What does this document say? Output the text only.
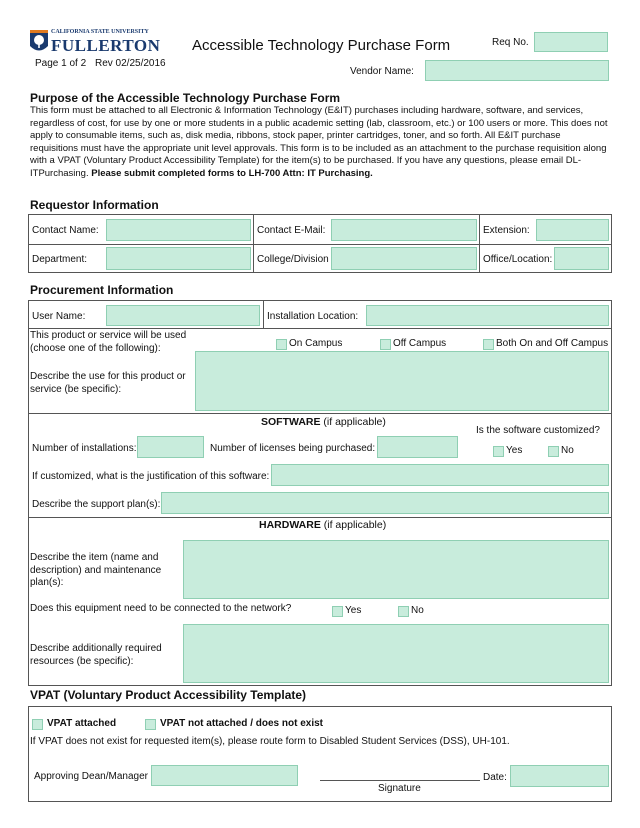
CALIFORNIA STATE UNIVERSITY
FULLERTON Accessible Technology Purchase Form	Req No.
Page 1 of 2 Rev 02/25/2016
Vendor Name:
Purpose of the Accessible Technology Purchase Form
This form must be attached to all Electronic & Information Technology (E&IT) purchases including hardware, software, and services, regardless of cost, for use by one or more students in a public academic setting (lab, classroom, etc.) or 100 users or more. This does not apply to consumable items, such as, disk media, ribbons, stock paper, printer cartridges, toner, and so forth. All E&IT purchase requisitions must have the appropriate unit level approvals. This form is to be included as an attachment to the purchase requisition along with a VPAT (Voluntary Product Accessibility Template) for the item(s) to be purchased. If you have any questions, please email DL-ITPurchasing. Please submit completed forms to LH-700 Attn: IT Purchasing.
Requestor Information
Contact Name:	Contact E-Mail:	Extension:
Department:	College/Division	Office/Location:
Procurement Information
User Name:	Installation Location:
This product or service will be used (choose one of the following):	On Campus	Off Campus	Both On and Off Campus
Describe the use for this product or service (be specific):
SOFTWARE (if applicable)
Is the software customized?
Yes	No
Number of installations:	Number of licenses being purchased:
If customized, what is the justification of this software:
Describe the support plan(s):
HARDWARE (if applicable)
Describe the item (name and description) and maintenance plan(s):
Does this equipment need to be connected to the network?	Yes	No
Describe additionally required resources (be specific):
VPAT (Voluntary Product Accessibility Template)
VPAT attached	VPAT not attached / does not exist
If VPAT does not exist for requested item(s), please route form to Disabled Student Services (DSS), UH-101.
Approving Dean/Manager
Signature
Date:
